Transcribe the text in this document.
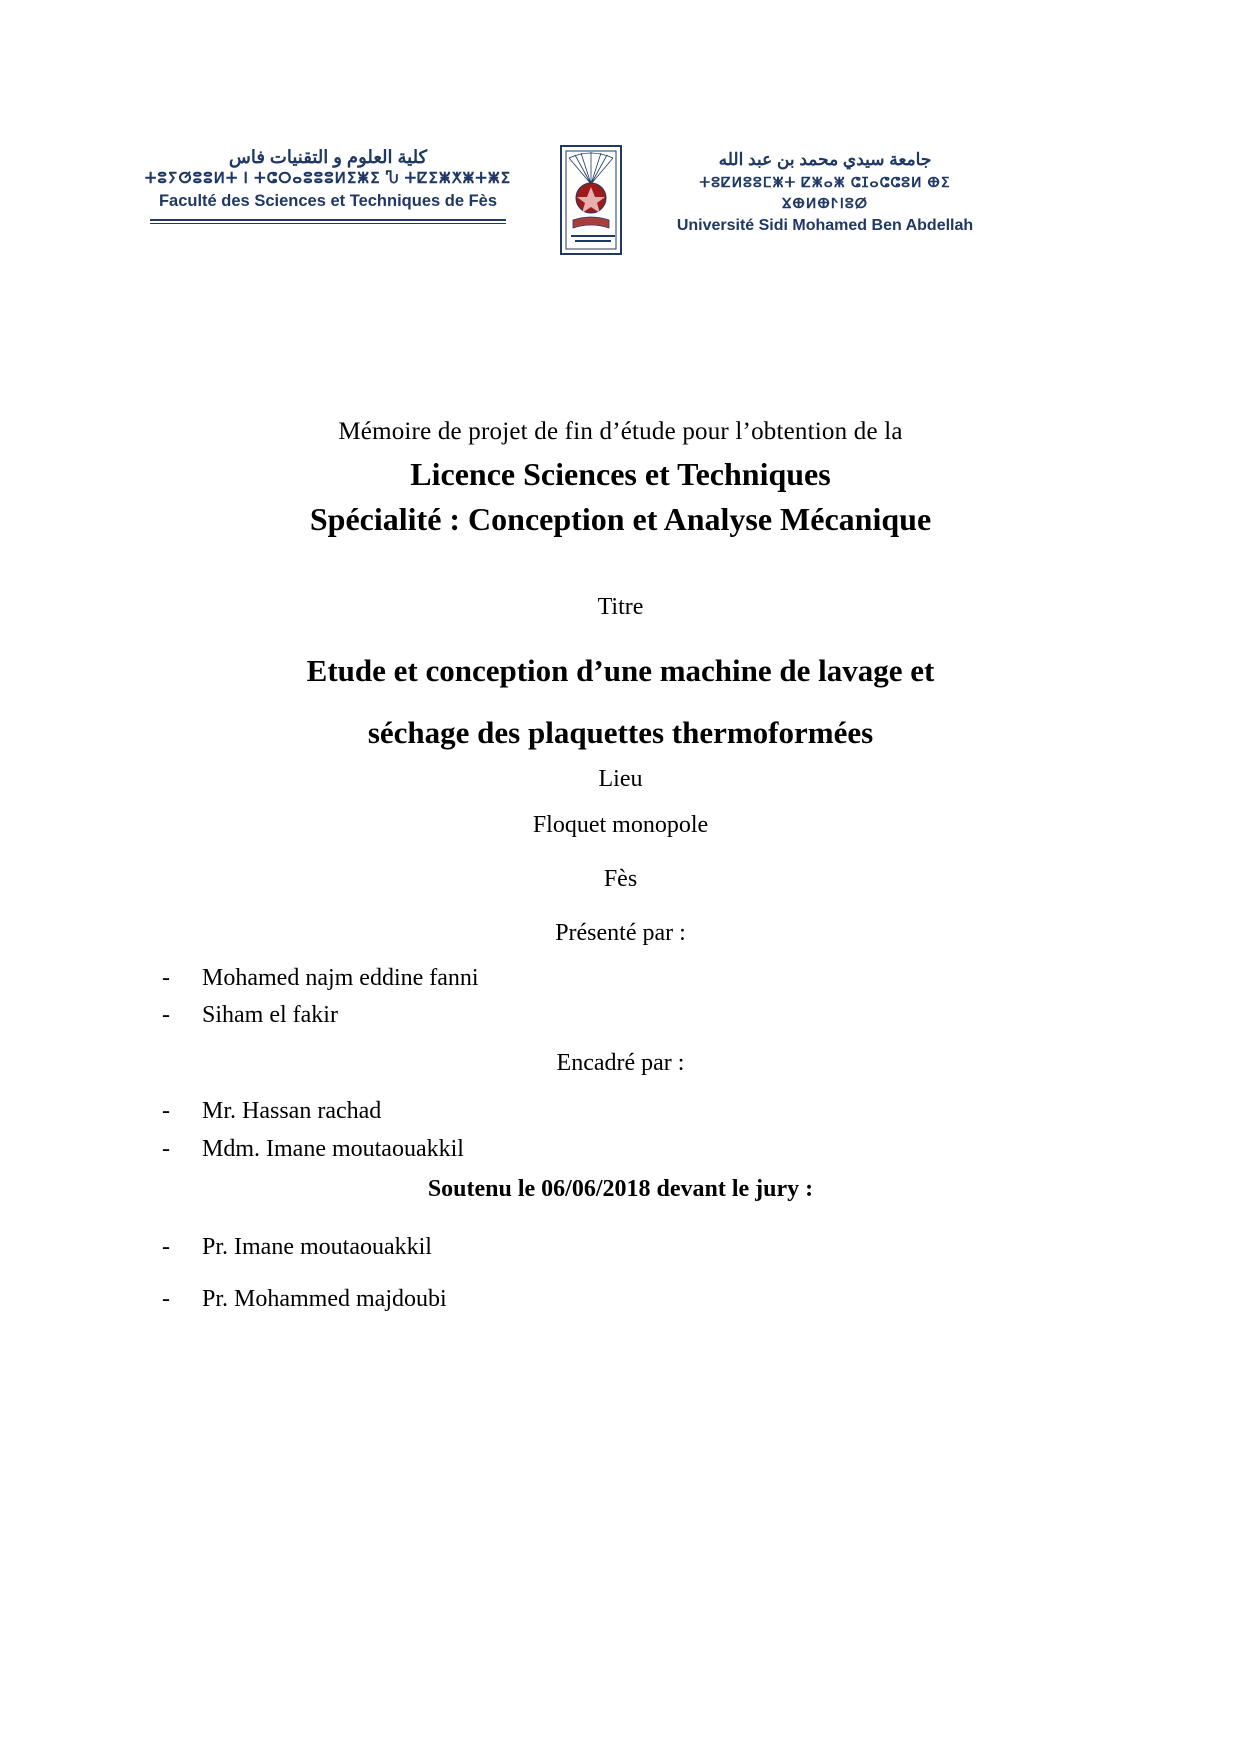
كلية العلوم و التقنيات فاس
ⵜⵓⵢⵚⵓⵓⵍⵜ Ⅰ ⵜⵛⵔⴰⵓⵓⵓⵍⵉⵥⵉ Ⴠ ⵜⵇⵉⵥⵅⵥⵜⵥⵉ
Faculté des Sciences et Techniques de Fès
جامعة سيدي محمد بن عبد الله
ⵜⵓⵇⵍⵓⵓⵎⵥⵜ ⵇⵥⴰⵥ ⵛⵊⴰⵛⵛⵓⵍ ⴲⵉ ⴴⴲⵍⴲⵤⵏⵓⵁ
Université Sidi Mohamed Ben Abdellah
Mémoire de projet de fin d’étude pour l’obtention de la
Licence Sciences et Techniques
Spécialité : Conception et Analyse Mécanique
Titre
Etude et conception d’une machine de lavage et
séchage des plaquettes thermoformées
Lieu
Floquet monopole
Fès
Présenté par :
-	Mohamed najm eddine fanni
-	Siham el fakir
Encadré par :
-	Mr. Hassan rachad
-	Mdm. Imane moutaouakkil
Soutenu le 06/06/2018 devant le jury :
-	Pr. Imane moutaouakkil
-	Pr. Mohammed majdoubi
